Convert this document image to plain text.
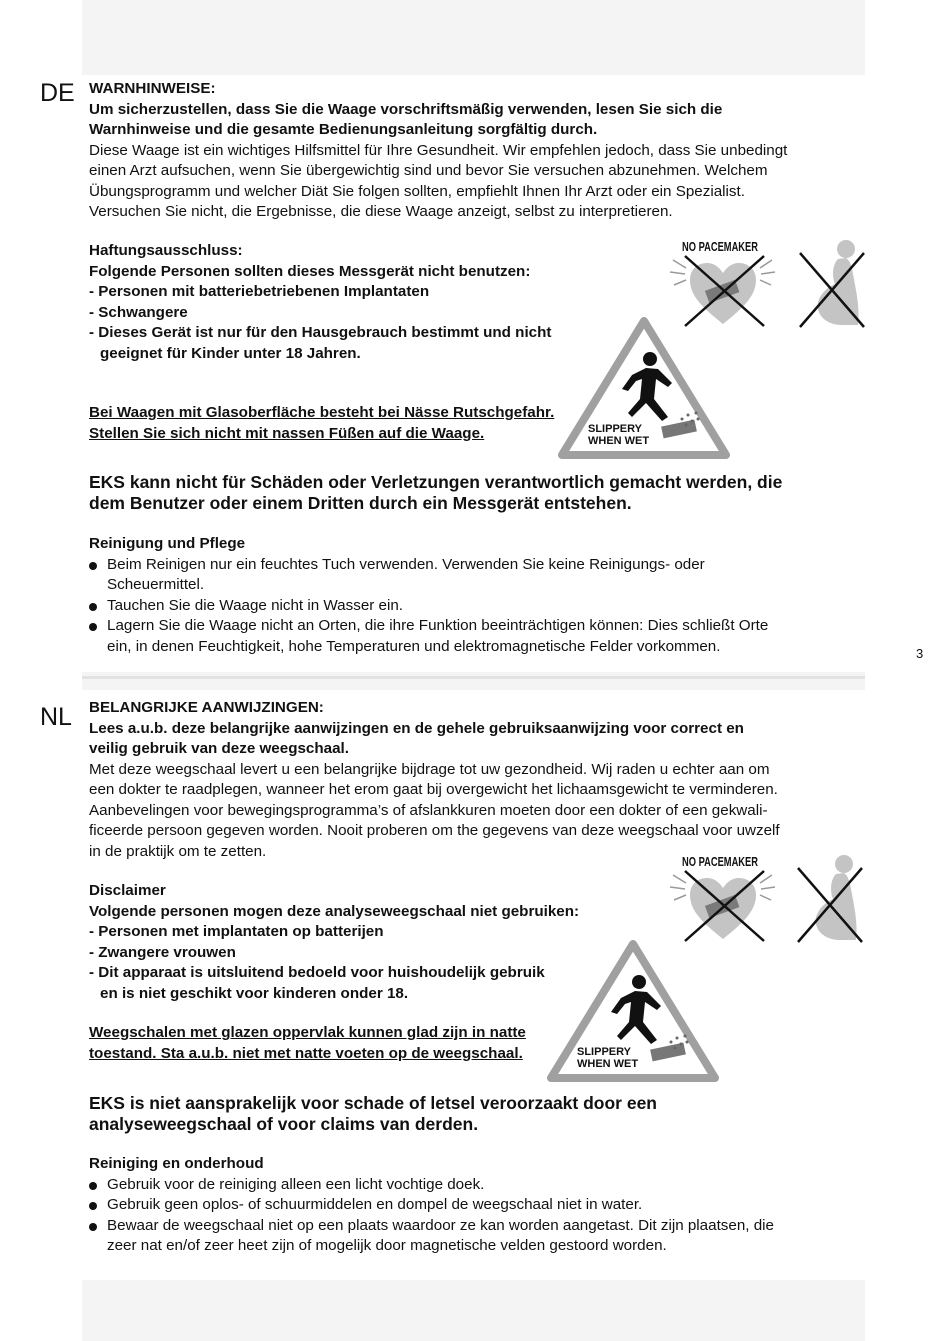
3
DE WARNHINWEISE:

Um sicherzustellen, dass Sie die Waage vorschriftsmäßig verwenden, lesen Sie sich die

Warnhinweise und die gesamte Bedienungsanleitung sorgfältig durch.

Diese Waage ist ein wichtiges Hilfsmittel für Ihre Gesundheit. Wir empfehlen jedoch, dass Sie unbedingt

einen Arzt aufsuchen, wenn Sie übergewichtig sind und bevor Sie versuchen abzunehmen. Welchem

Übungsprogramm und welcher Diät Sie folgen sollten, empfiehlt Ihnen Ihr Arzt oder ein Spezialist.

Versuchen Sie nicht, die Ergebnisse, die diese Waage anzeigt, selbst zu interpretieren.

Haftungsausschluss:

Folgende Personen sollten dieses Messgerät nicht benutzen:

- Personen mit batteriebetriebenen Implantaten

- Schwangere

- Dieses Gerät ist nur für den Hausgebrauch bestimmt und nicht

geeignet für Kinder unter 18 Jahren.

Bei Waagen mit Glasoberfläche besteht bei Nässe Rutschgefahr.

Stellen Sie sich nicht mit nassen Füßen auf die Waage.

EKS kann nicht für Schäden oder Verletzungen verantwortlich gemacht werden, die

dem Benutzer oder einem Dritten durch ein Messgerät entstehen.

Reinigung und Pflege

Beim Reinigen nur ein feuchtes Tuch verwenden. Verwenden Sie keine Reinigungs- oder
Scheuermittel.
Tauchen Sie die Waage nicht in Wasser ein.
Lagern Sie die Waage nicht an Orten, die ihre Funktion beeinträchtigen können: Dies schließt Orte
ein, in denen Feuchtigkeit, hohe Temperaturen und elektromagnetische Felder vorkommen.
NO PACEMAKER
SLIPPERY
WHEN WET
NL BELANGRIJKE AANWIJZINGEN:

Lees a.u.b. deze belangrijke aanwijzingen en de gehele gebruiksaanwijzing voor correct en

veilig gebruik van deze weegschaal.

Met deze weegschaal levert u een belangrijke bijdrage tot uw gezondheid. Wij raden u echter aan om

een dokter te raadplegen, wanneer het erom gaat bij overgewicht het lichaamsgewicht te verminderen.

Aanbevelingen voor bewegingsprogramma’s of afslankkuren moeten door een dokter of een gekwali-

ficeerde persoon gegeven worden. Nooit proberen om the gegevens van deze weegschaal voor uwzelf

in de praktijk om te zetten.

Disclaimer

Volgende personen mogen deze analyseweegschaal niet gebruiken:

- Personen met implantaten op batterijen

- Zwangere vrouwen

- Dit apparaat is uitsluitend bedoeld voor huishoudelijk gebruik

en is niet geschikt voor kinderen onder 18.

Weegschalen met glazen oppervlak kunnen glad zijn in natte

toestand. Sta a.u.b. niet met natte voeten op de weegschaal.

EKS is niet aansprakelijk voor schade of letsel veroorzaakt door een

analyseweegschaal of voor claims van derden.

Reiniging en onderhoud

Gebruik voor de reiniging alleen een licht vochtige doek.
Gebruik geen oplos- of schuurmiddelen en dompel de weegschaal niet in water.
Bewaar de weegschaal niet op een plaats waardoor ze kan worden aangetast. Dit zijn plaatsen, die
zeer nat en/of zeer heet zijn of mogelijk door magnetische velden gestoord worden.
NO PACEMAKER
SLIPPERY
WHEN WET
